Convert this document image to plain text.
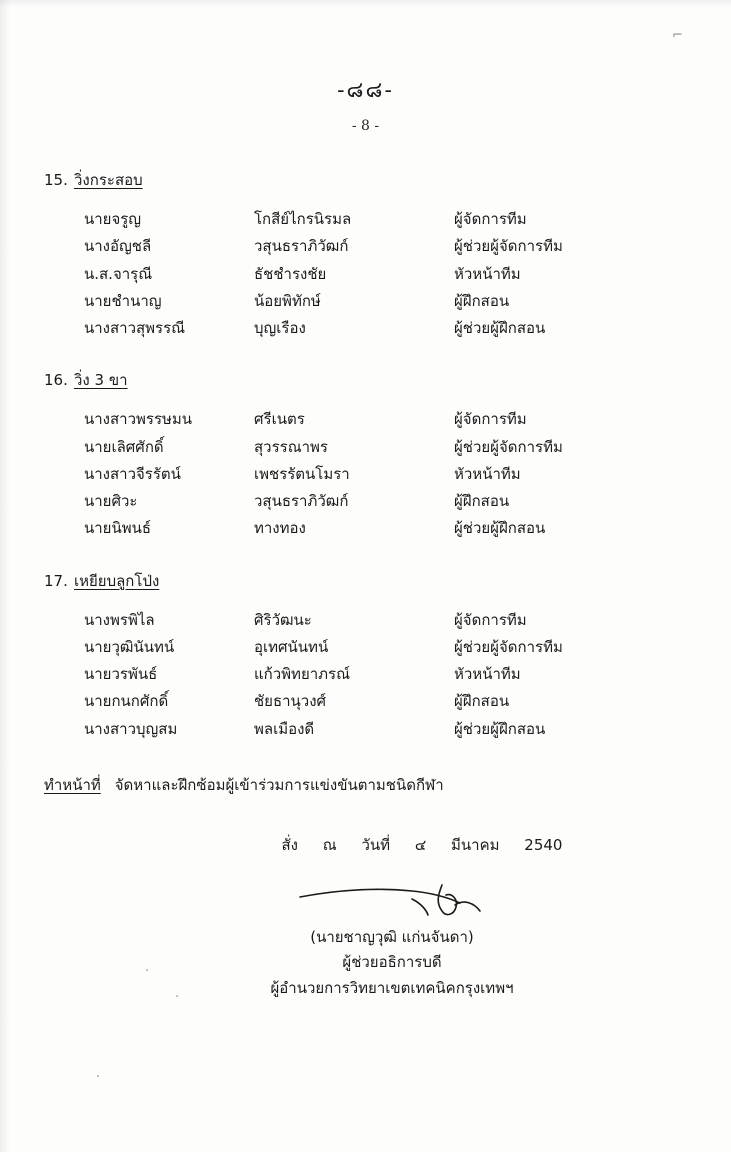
⌐
.
.
.
-๘๘-
- 8 -
15. วิ่งกระสอบ
นายจรูญ	โกสีย์ไกรนิรมล	ผู้จัดการทีม
นางอัญชลี	วสุนธราภิวัฒก์	ผู้ช่วยผู้จัดการทีม
น.ส.จารุณี	ธัชชำรงชัย	หัวหน้าทีม
นายชำนาญ	น้อยพิทักษ์	ผู้ฝึกสอน
นางสาวสุพรรณี	บุญเรือง	ผู้ช่วยผู้ฝึกสอน
16. วิ่ง 3 ขา
นางสาวพรรษมน	ศรีเนตร	ผู้จัดการทีม
นายเลิศศักดิ์	สุวรรณาพร	ผู้ช่วยผู้จัดการทีม
นางสาวจีรรัตน์	เพชรรัตนโมรา	หัวหน้าทีม
นายศิวะ	วสุนธราภิวัฒก์	ผู้ฝึกสอน
นายนิพนธ์	ทางทอง	ผู้ช่วยผู้ฝึกสอน
17. เหยียบลูกโป่ง
นางพรพิไล	ศิริวัฒนะ	ผู้จัดการทีม
นายวุฒินันทน์	อุเทศนันทน์	ผู้ช่วยผู้จัดการทีม
นายวรพันธ์	แก้วพิทยาภรณ์	หัวหน้าทีม
นายกนกศักดิ์	ชัยธานุวงศ์	ผู้ฝึกสอน
นางสาวบุญสม	พลเมืองดี	ผู้ช่วยผู้ฝึกสอน
ทำหน้าที่ จัดหาและฝึกซ้อมผู้เข้าร่วมการแข่งขันตามชนิดกีฬา
สั่ง ณ วันที่ ๔ มีนาคม 2540
(นายชาญวุฒิ แก่นจันดา)
ผู้ช่วยอธิการบดี
ผู้อำนวยการวิทยาเขตเทคนิคกรุงเทพฯ
